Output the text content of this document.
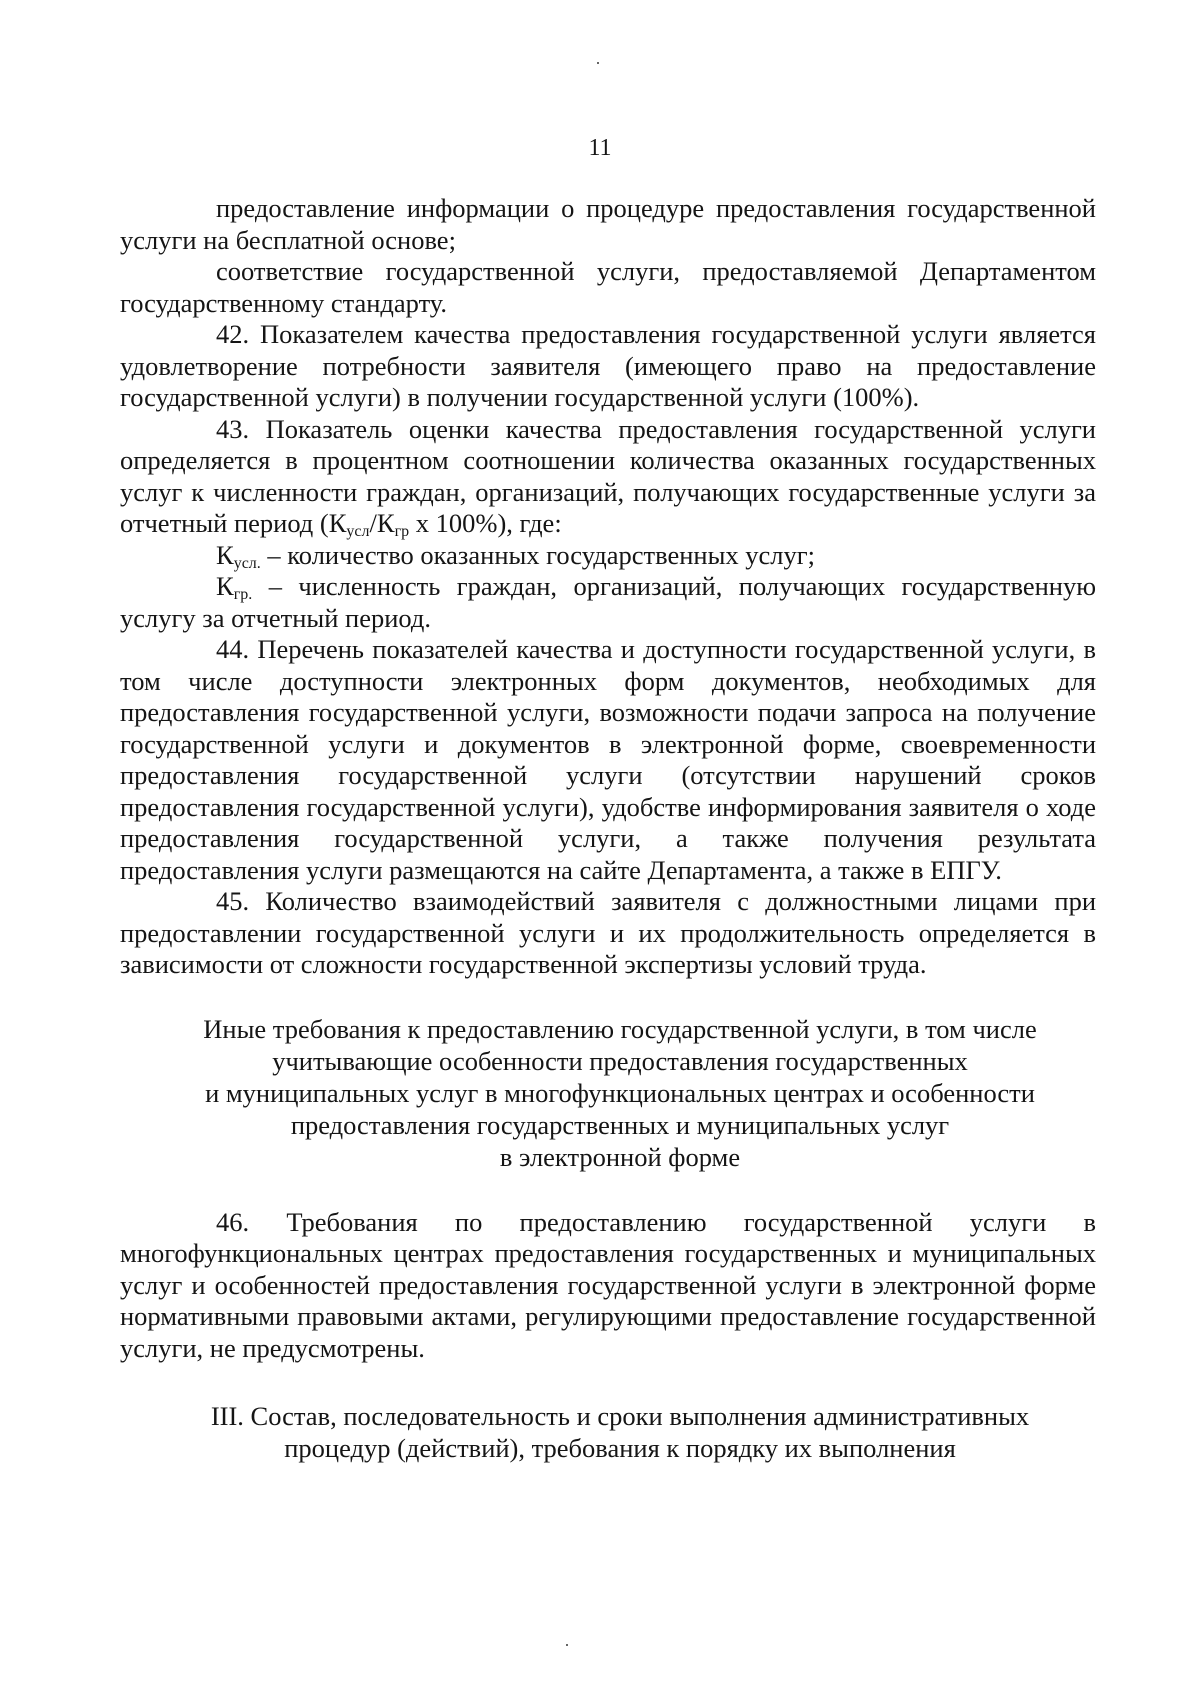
11

предоставление информации о процедуре предоставления государственной услуги на бесплатной основе;

соответствие государственной услуги, предоставляемой Департаментом государственному стандарту.

42. Показателем качества предоставления государственной услуги является удовлетворение потребности заявителя (имеющего право на предоставление государственной услуги) в получении государственной услуги (100%).

43. Показатель оценки качества предоставления государственной услуги определяется в процентном соотношении количества оказанных государственных услуг к численности граждан, организаций, получающих государственные услуги за отчетный период ($К_{усл}/К_{гр}$ х 100%), где:

$К_{усл.}$ – количество оказанных государственных услуг;

$К_{гр.}$ – численность граждан, организаций, получающих государственную услугу за отчетный период.

44. Перечень показателей качества и доступности государственной услуги, в том числе доступности электронных форм документов, необходимых для предоставления государственной услуги, возможности подачи запроса на получение государственной услуги и документов в электронной форме, своевременности предоставления государственной услуги (отсутствии нарушений сроков предоставления государственной услуги), удобстве информирования заявителя о ходе предоставления государственной услуги, а также получения результата предоставления услуги размещаются на сайте Департамента, а также в ЕПГУ.

45. Количество взаимодействий заявителя с должностными лицами при предоставлении государственной услуги и их продолжительность определяется в зависимости от сложности государственной экспертизы условий труда.

Иные требования к предоставлению государственной услуги, в том числе
учитывающие особенности предоставления государственных
и муниципальных услуг в многофункциональных центрах и особенности
предоставления государственных и муниципальных услуг
в электронной форме

46. Требования по предоставлению государственной услуги в многофункциональных центрах предоставления государственных и муниципальных услуг и особенностей предоставления государственной услуги в электронной форме нормативными правовыми актами, регулирующими предоставление государственной услуги, не предусмотрены.

III. Состав, последовательность и сроки выполнения административных
процедур (действий), требования к порядку их выполнения
